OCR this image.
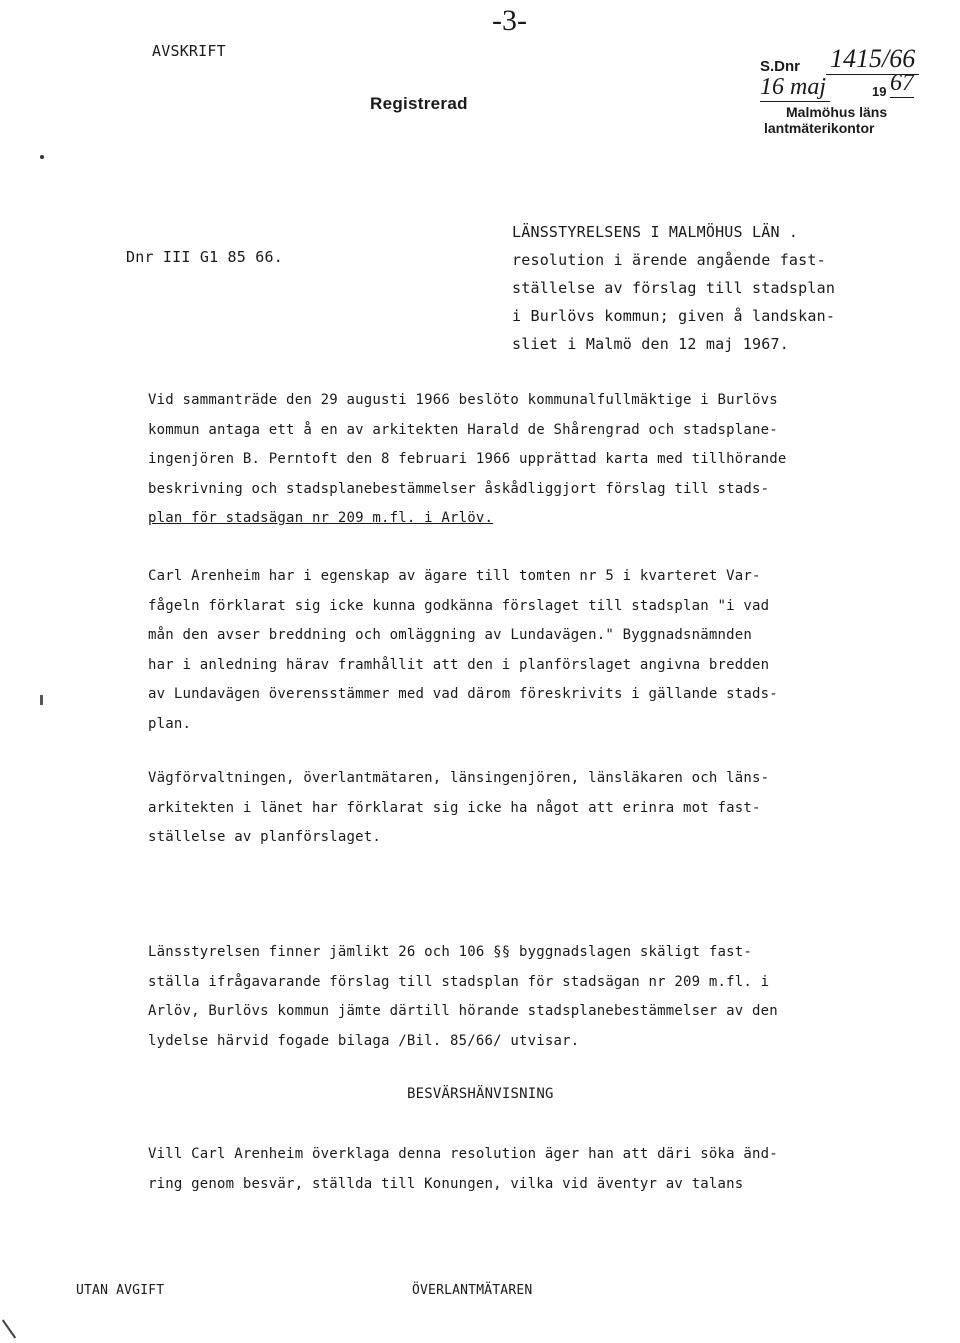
-3-
AVSKRIFT
Registrerad
S.Dnr 1415/66
16 maj	19 67
Malmöhus läns
lantmäterikontor
Dnr III G1 85 66.
LÄNSSTYRELSENS I MALMÖHUS LÄN .
resolution i ärende angående fast-
ställelse av förslag till stadsplan
i Burlövs kommun; given å landskan-
sliet i Malmö den 12 maj 1967.
Vid sammanträde den 29 augusti 1966 beslöto kommunalfullmäktige i Burlövs
kommun antaga ett å en av arkitekten Harald de Shårengrad och stadsplane-
ingenjören B. Perntoft den 8 februari 1966 upprättad karta med tillhörande
beskrivning och stadsplanebestämmelser åskådliggjort förslag till stads-
plan för stadsägan nr 209 m.fl. i Arlöv.
Carl Arenheim har i egenskap av ägare till tomten nr 5 i kvarteret Var-
fågeln förklarat sig icke kunna godkänna förslaget till stadsplan "i vad
mån den avser breddning och omläggning av Lundavägen." Byggnadsnämnden
har i anledning härav framhållit att den i planförslaget angivna bredden
av Lundavägen överensstämmer med vad därom föreskrivits i gällande stads-
plan.
Vägförvaltningen, överlantmätaren, länsingenjören, länsläkaren och läns-
arkitekten i länet har förklarat sig icke ha något att erinra mot fast-
ställelse av planförslaget.
Länsstyrelsen finner jämlikt 26 och 106 §§ byggnadslagen skäligt fast-
ställa ifrågavarande förslag till stadsplan för stadsägan nr 209 m.fl. i
Arlöv, Burlövs kommun jämte därtill hörande stadsplanebestämmelser av den
lydelse härvid fogade bilaga /Bil. 85/66/ utvisar.
BESVÄRSHÄNVISNING
Vill Carl Arenheim överklaga denna resolution äger han att däri söka änd-
ring genom besvär, ställda till Konungen, vilka vid äventyr av talans
UTAN AVGIFT	ÖVERLANTMÄTAREN
